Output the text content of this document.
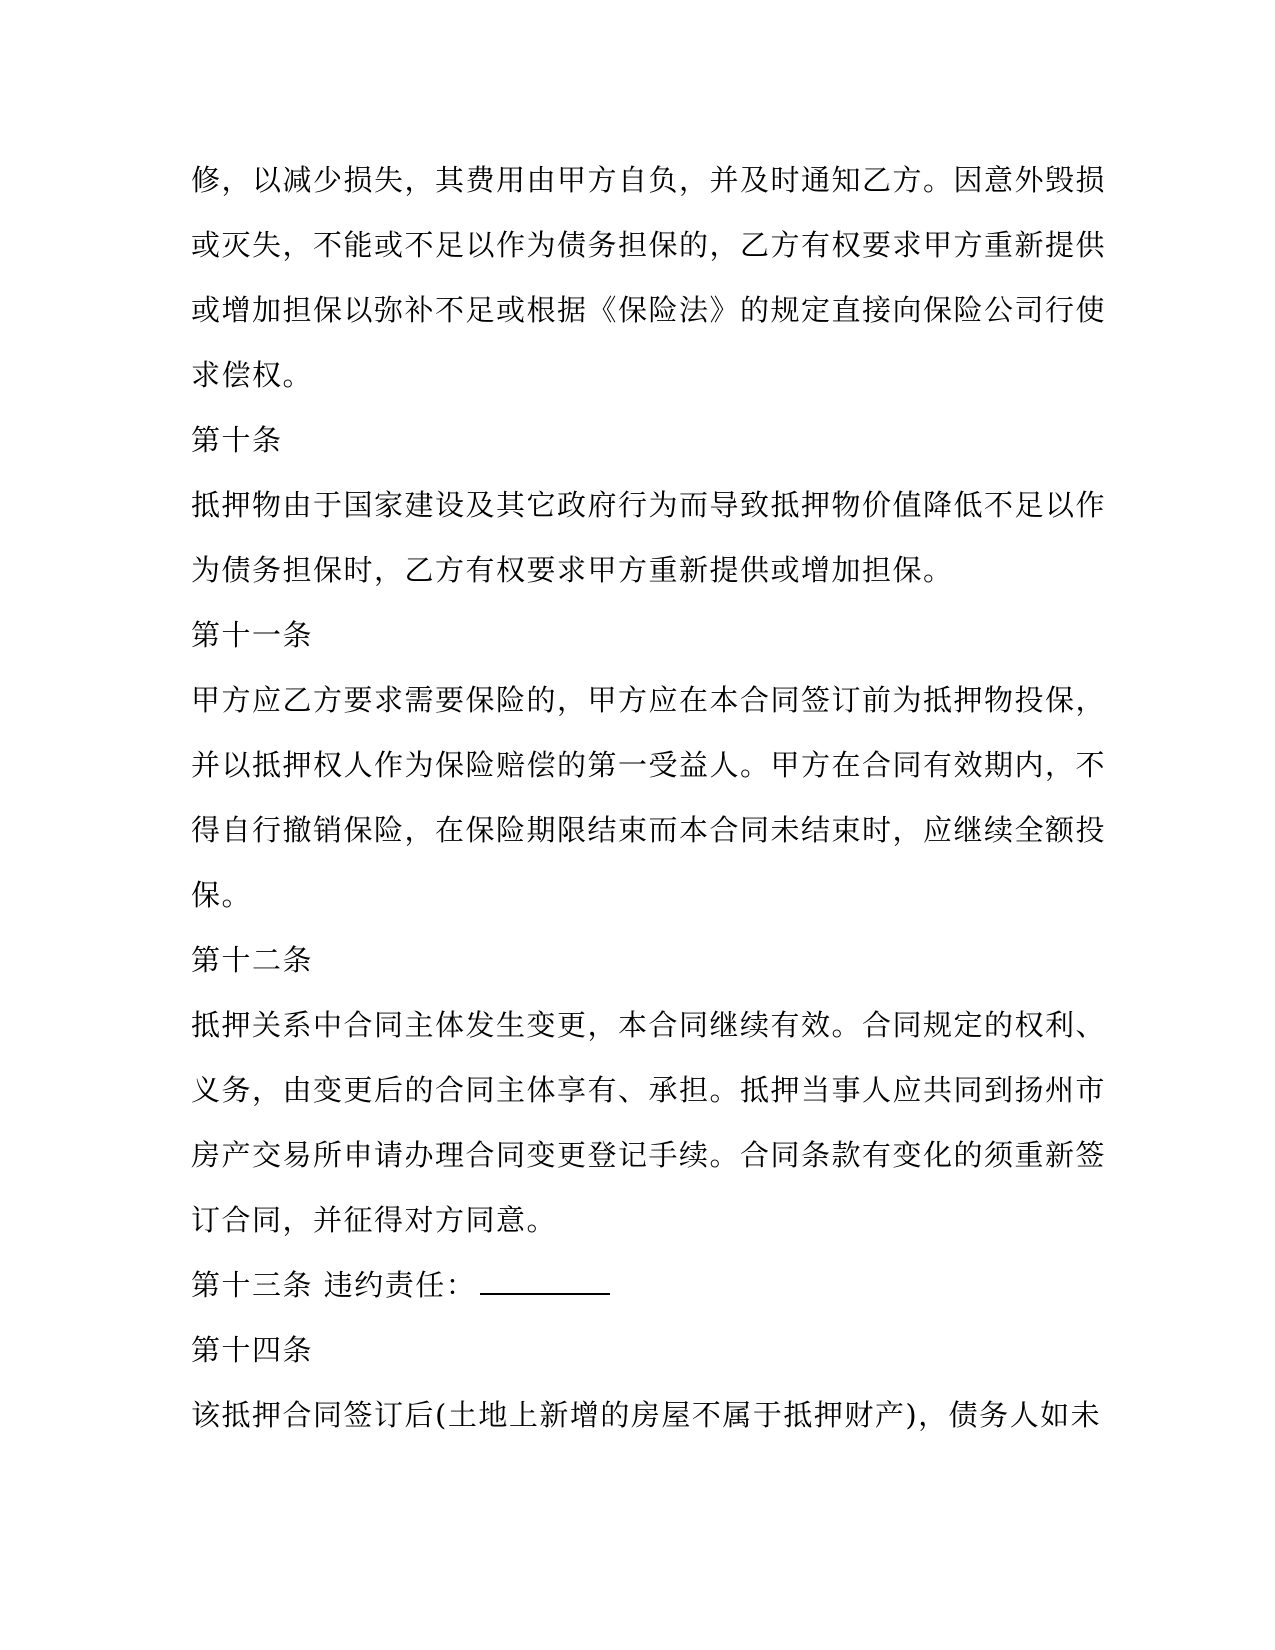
修，以减少损失，其费用由甲方自负，并及时通知乙方。因意外毁损
或灭失，不能或不足以作为债务担保的，乙方有权要求甲方重新提供
或增加担保以弥补不足或根据《保险法》的规定直接向保险公司行使
求偿权。
第十条
抵押物由于国家建设及其它政府行为而导致抵押物价值降低不足以作
为债务担保时，乙方有权要求甲方重新提供或增加担保。
第十一条
甲方应乙方要求需要保险的，甲方应在本合同签订前为抵押物投保，
并以抵押权人作为保险赔偿的第一受益人。甲方在合同有效期内，不
得自行撤销保险，在保险期限结束而本合同未结束时，应继续全额投
保。
第十二条
抵押关系中合同主体发生变更，本合同继续有效。合同规定的权利、
义务，由变更后的合同主体享有、承担。抵押当事人应共同到扬州市
房产交易所申请办理合同变更登记手续。合同条款有变化的须重新签
订合同，并征得对方同意。
第十三条 违约责任：
第十四条
该抵押合同签订后(土地上新增的房屋不属于抵押财产)，债务人如未
